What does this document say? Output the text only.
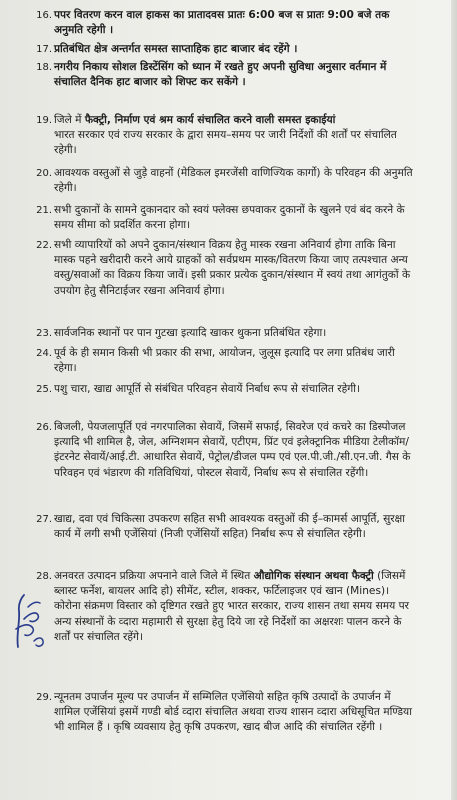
16. पपर वितरण करन वाल हाकस का प्रातादवस प्रातः 6:00 बज स प्रातः 9:00 बजे तक अनुमति रहेगी ।
17. प्रतिबंधित क्षेत्र अन्तर्गत समस्त साप्ताहिक हाट बाजार बंद रहेंगे ।
18. नगरीय निकाय सोशल डिस्टेंसिंग को ध्यान में रखते हुए अपनी सुविधा अनुसार वर्तमान में संचालित दैनिक हाट बाजार को शिफ्ट कर सकेंगे ।
19. जिले में फैक्ट्री, निर्माण एवं श्रम कार्य संचालित करने वाली समस्त इकाईयां
भारत सरकार एवं राज्य सरकार के द्वारा समय–समय पर जारी निर्देशों की शर्तों पर संचालित रहेगी।
20. आवश्यक वस्तुओं से जुड़े वाहनों (मेडिकल इमरजेंसी वाणिज्यिक कार्गो) के परिवहन की अनुमति रहेगी।
21. सभी दुकानों के सामने दुकानदार को स्वयं फ्लेक्स छपवाकर दुकानों के खुलने एवं बंद करने के समय सीमा को प्रदर्शित करना होगा।
22. सभी व्यापारियों को अपने दुकान/संस्थान विक्रय हेतु मास्क रखना अनिवार्य होगा ताकि बिना मास्क पहने खरीदारी करने आये ग्राहकों को सर्वप्रथम मास्क/वितरण किया जाए तत्पश्चात अन्य वस्तु/सवाओं का विक्रय किया जावें। इसी प्रकार प्रत्येक दुकान/संस्थान में स्वयं तथा आगंतुकों के उपयोग हेतु सैनिटाईजर रखना अनिवार्य होगा।
23. सार्वजनिक स्थानों पर पान गुटखा इत्यादि खाकर थुकना प्रतिबंधित रहेगा।
24. पूर्व के ही समान किसी भी प्रकार की सभा, आयोजन, जुलूस इत्यादि पर लगा प्रतिबंध जारी रहेगा।
25. पशु चारा, खाद्य आपूर्ति से संबंधित परिवहन सेवायें निर्बाध रूप से संचालित रहेगी।
26. बिजली, पेयजलापूर्ति एवं नगरपालिका सेवायें, जिसमें सफाई, सिवरेज एवं कचरे का डिस्पोजल इत्यादि भी शामिल है, जेल, अग्निशमन सेवायें, एटीएम, प्रिंट एवं इलेक्ट्रानिक मीडिया टेलीकॉम/इंटरनेट सेवायें/आई.टी. आधारित सेवायें, पेट्रोल/डीजल पम्प एवं एल.पी.जी./सी.एन.जी. गैस के परिवहन एवं भंडारण की गतिविधियां, पोस्टल सेवायें, निर्बाध रूप से संचालित रहेंगी।
27. खाद्य, दवा एवं चिकित्सा उपकरण सहित सभी आवश्यक वस्तुओं की ई–कामर्स आपूर्ति, सुरक्षा कार्य में लगी सभी एजेंसियां (निजी एजेंसियों सहित) निर्बाध रूप से संचालित रहेगी।
28. अनवरत उत्पादन प्रक्रिया अपनाने वाले जिले में स्थित औद्योगिक संस्थान अथवा फैक्ट्री (जिसमें ब्लास्ट फर्नेश, बायलर आदि हो) सीमेंट, स्टील, शक्कर, फर्टिलाइजर एवं खान (Mines)। कोरोना संक्रमण विस्तार को दृष्टिगत रखते हुए भारत सरकार, राज्य शासन तथा समय समय पर अन्य संस्थानों के व्दारा महामारी से सुरक्षा हेतु दिये जा रहे निर्देशों का अक्षरशः पालन करने के शर्तों पर संचालित रहेंगे।
29. न्यूनतम उपार्जन मूल्य पर उपार्जन में सम्मिलित एजेंसियो सहित कृषि उत्पादों के उपार्जन में शामिल एजेंसियां इसमें गण्डी बोर्ड व्दारा संचालित अथवा राज्य शासन व्दारा अधिसूचित मण्डिया भी शामिल हैं । कृषि व्यवसाय हेतु कृषि उपकरण, खाद बीज आदि की संचालित रहेंगी ।
